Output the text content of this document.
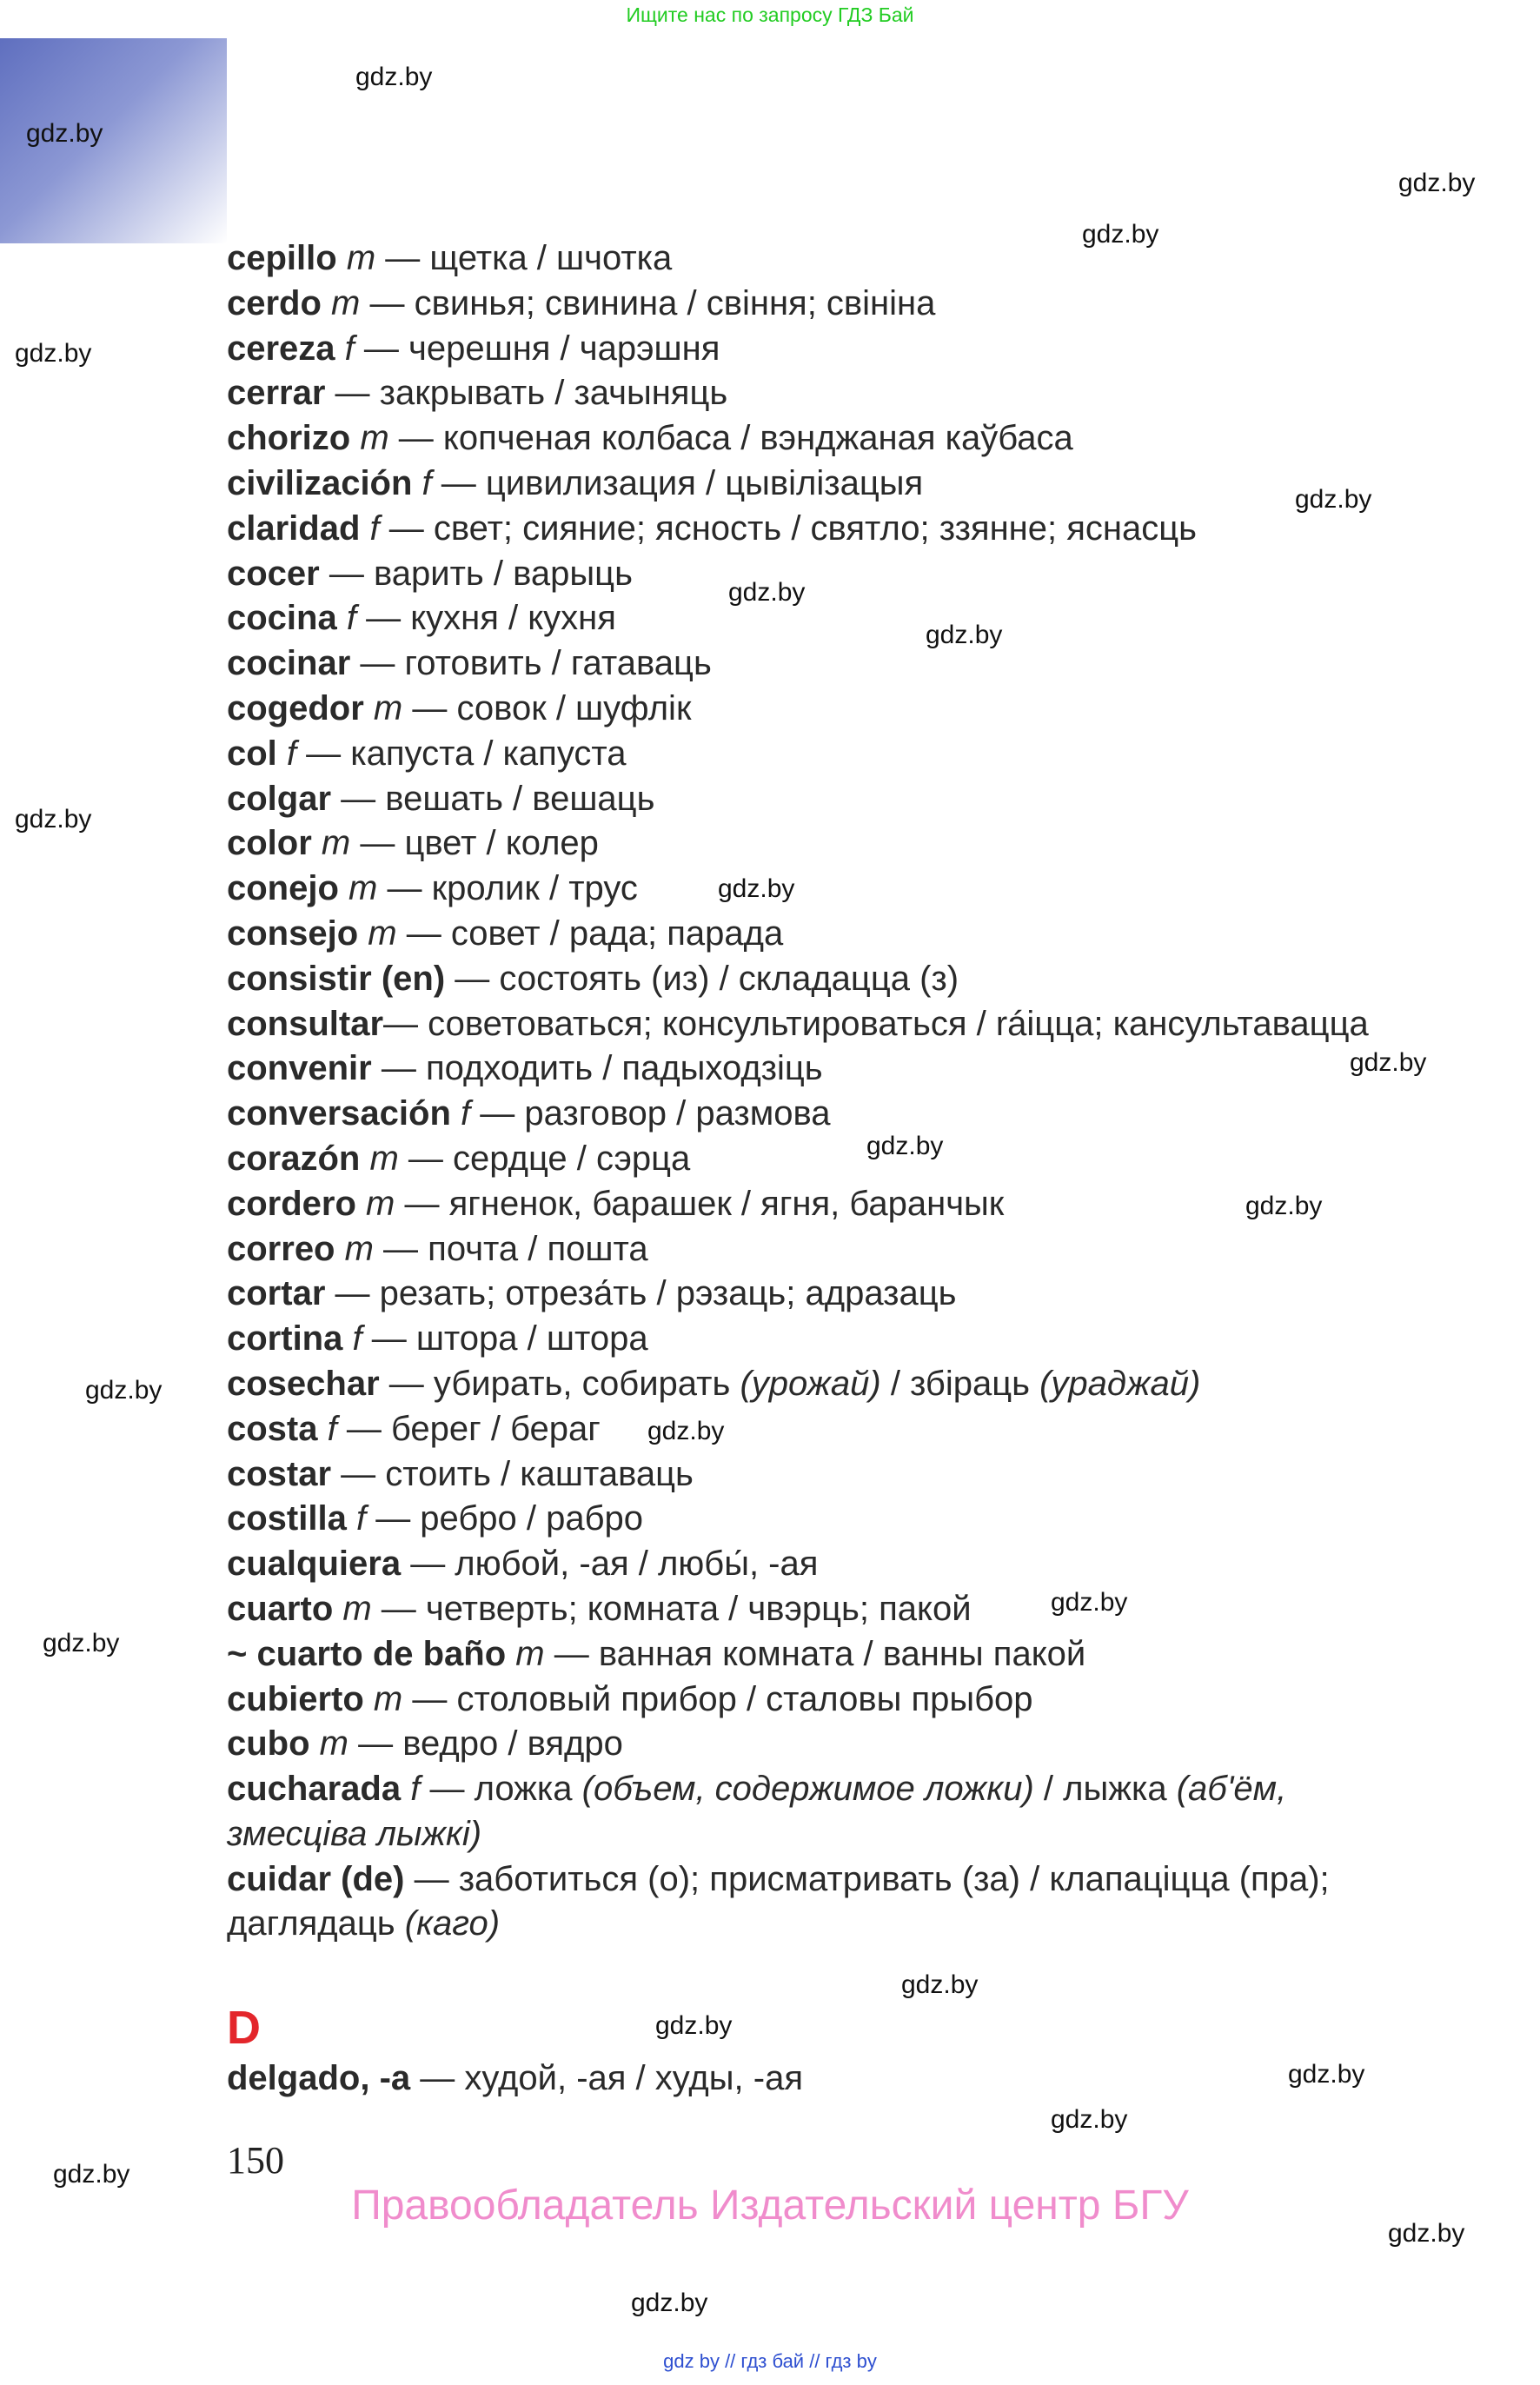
Ищите нас по запросу ГДЗ Бай
cepillo m — щетка / шчотка
cerdo m — свинья; свинина / свіння; свініна
cereza f — черешня / чарэшня
cerrar — закрывать / зачыняць
chorizo m — копченая колбаса / вэнджаная каўбаса
civilización f — цивилизация / цывілізацыя
claridad f — свет; сияние; ясность / святло; ззянне; яснасць
cocer — варить / варыць
cocina f — кухня / кухня
cocinar — готовить / гатаваць
cogedor m — совок / шуфлік
col f — капуста / капуста
colgar — вешать / вешаць
color m — цвет / колер
conejo m — кролик / трус
consejo m — совет / рада; парада
consistir (en) — состоять (из) / складацца (з)
consultar— советоваться; консультироваться / ráіцца; кансультавацца
convenir — подходить / падыходзіць
conversación f — разговор / размова
corazón m — сердце / сэрца
cordero m — ягненок, барашек / ягня, баранчык
correo m — почта / пошта
cortar — резать; отреза́ть / рэзаць; адразаць
cortina f — штора / штора
cosechar — убирать, собирать (урожай) / збіраць (ураджай)
costa f — берег / бераг
costar — стоить / каштаваць
costilla f — ребро / рабро
cualquiera — любой, -ая / любы́, -ая
cuarto m — четверть; комната / чвэрць; пакой
~ cuarto de baño m — ванная комната / ванны пакой
cubierto m — столовый прибор / сталовы прыбор
cubo m — ведро / вядро
cucharada f — ложка (объем, содержимое ложки) / лыжка (аб'ём,
змесціва лыжкі)
cuidar (de) — заботиться (о); присматривать (за) / клапаціцца (пра);
даглядаць (каго)
D
delgado, -a — худой, -ая / худы, -ая
150
Правообладатель Издательский центр БГУ
gdz by // гдз бай // гдз by
gdz.by
gdz.by
gdz.by
gdz.by
gdz.by
gdz.by
gdz.by
gdz.by
gdz.by
gdz.by
gdz.by
gdz.by
gdz.by
gdz.by
gdz.by
gdz.by
gdz.by
gdz.by
gdz.by
gdz.by
gdz.by
gdz.by
gdz.by
gdz.by
